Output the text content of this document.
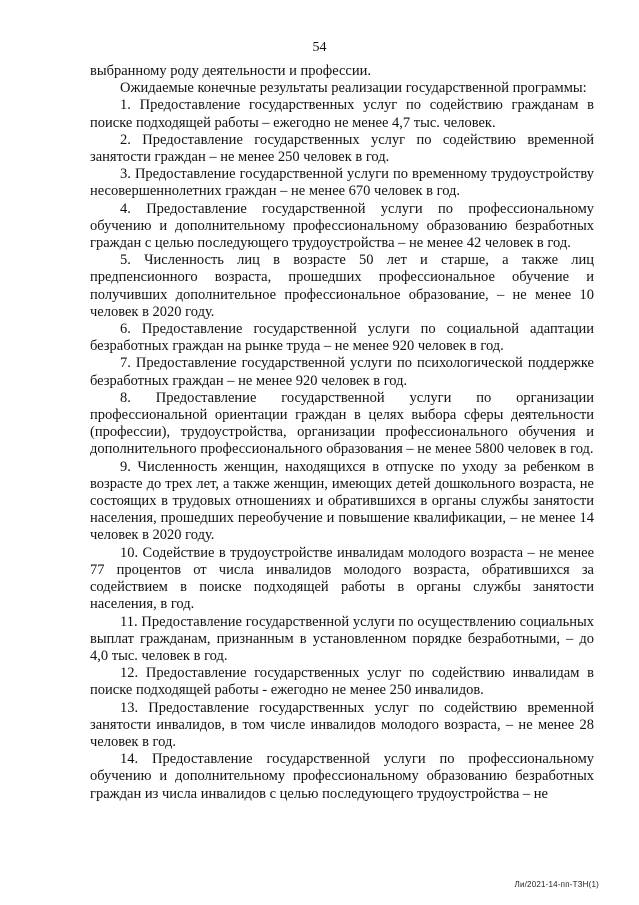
54

выбранному роду деятельности и профессии.

Ожидаемые конечные результаты реализации государственной программы:

1. Предоставление государственных услуг по содействию гражданам в поиске подходящей работы – ежегодно не менее 4,7 тыс. человек.

2. Предоставление государственных услуг по содействию временной занятости граждан – не менее 250 человек в год.

3. Предоставление государственной услуги по временному трудоустройству несовершеннолетних граждан – не менее 670 человек в год.

4. Предоставление государственной услуги по профессиональному обучению и дополнительному профессиональному образованию безработных граждан с целью последующего трудоустройства – не менее 42 человек в год.

5. Численность лиц в возрасте 50 лет и старше, а также лиц предпенсионного возраста, прошедших профессиональное обучение и получивших дополнительное профессиональное образование, – не менее 10 человек в 2020 году.

6. Предоставление государственной услуги по социальной адаптации безработных граждан на рынке труда – не менее 920 человек в год.

7. Предоставление государственной услуги по психологической поддержке безработных граждан – не менее 920 человек в год.

8. Предоставление государственной услуги по организации профессиональной ориентации граждан в целях выбора сферы деятельности (профессии), трудоустройства, организации профессионального обучения и дополнительного профессионального образования – не менее 5800 человек в год.

9. Численность женщин, находящихся в отпуске по уходу за ребенком в возрасте до трех лет, а также женщин, имеющих детей дошкольного возраста, не состоящих в трудовых отношениях и обратившихся в органы службы занятости населения, прошедших переобучение и повышение квалификации, – не менее 14 человек в 2020 году.

10. Содействие в трудоустройстве инвалидам молодого возраста – не менее 77 процентов от числа инвалидов молодого возраста, обратившихся за содействием в поиске подходящей работы в органы службы занятости населения, в год.

11. Предоставление государственной услуги по осуществлению социальных выплат гражданам, признанным в установленном порядке безработными, – до 4,0 тыс. человек в год.

12. Предоставление государственных услуг по содействию инвалидам в поиске подходящей работы - ежегодно не менее 250 инвалидов.

13. Предоставление государственных услуг по содействию временной занятости инвалидов, в том числе инвалидов молодого возраста, – не менее 28 человек в год.

14. Предоставление государственной услуги по профессиональному обучению и дополнительному профессиональному образованию безработных граждан из числа инвалидов с целью последующего трудоустройства – не

Ли/2021-14-пп-ТЗН(1)
